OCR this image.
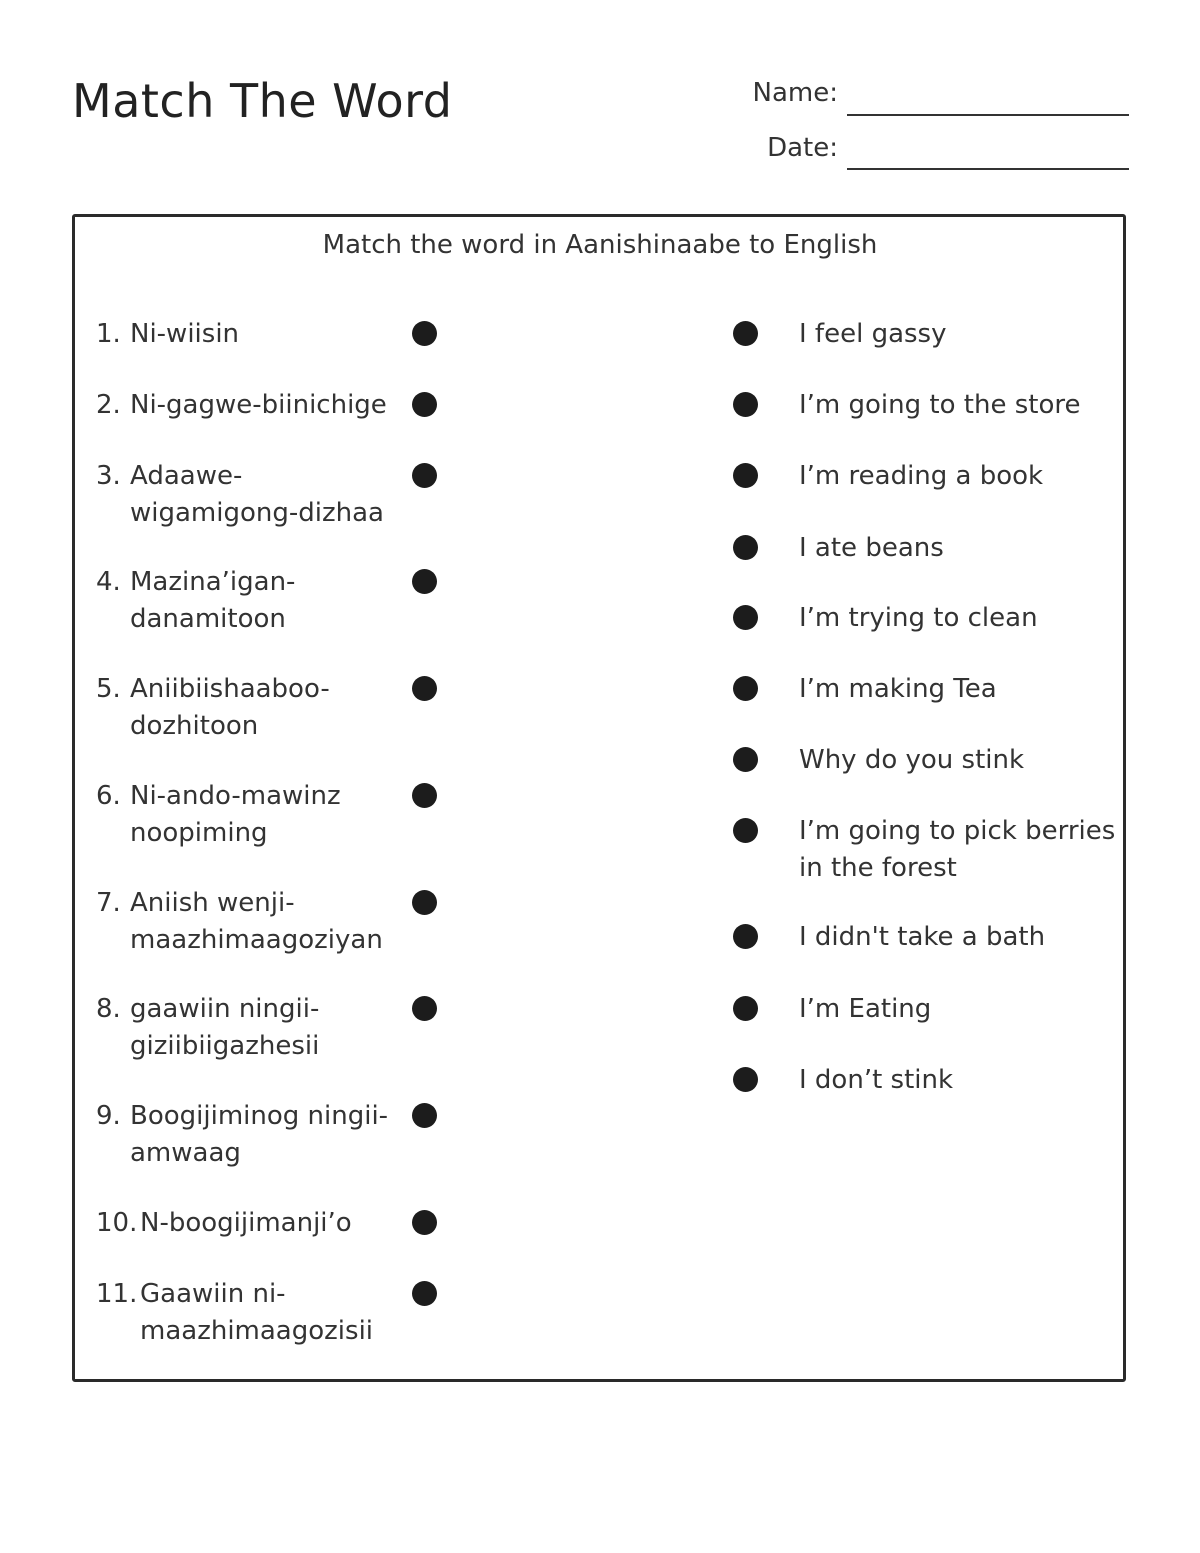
Match The Word	Name:
Date:
Match the word in Aanishinaabe to English
1. Ni-wiisin
2. Ni-gagwe-biinichige
3. Adaawe-
wigamigong-dizhaa
4. Mazina’igan-
danamitoon
5. Aniibiishaaboo-
dozhitoon
6. Ni-ando-mawinz
noopiming
7. Aniish wenji-
maazhimaagoziyan
8. gaawiin ningii-
giziibiigazhesii
9. Boogijiminog ningii-
amwaag
10. N-boogijimanji’o
11. Gaawiin ni-
maazhimaagozisii
I feel gassy
I’m going to the store
I’m reading a book
I ate beans
I’m trying to clean
I’m making Tea
Why do you stink
I’m going to pick berries
in the forest
I didn't take a bath
I’m Eating
I don’t stink
